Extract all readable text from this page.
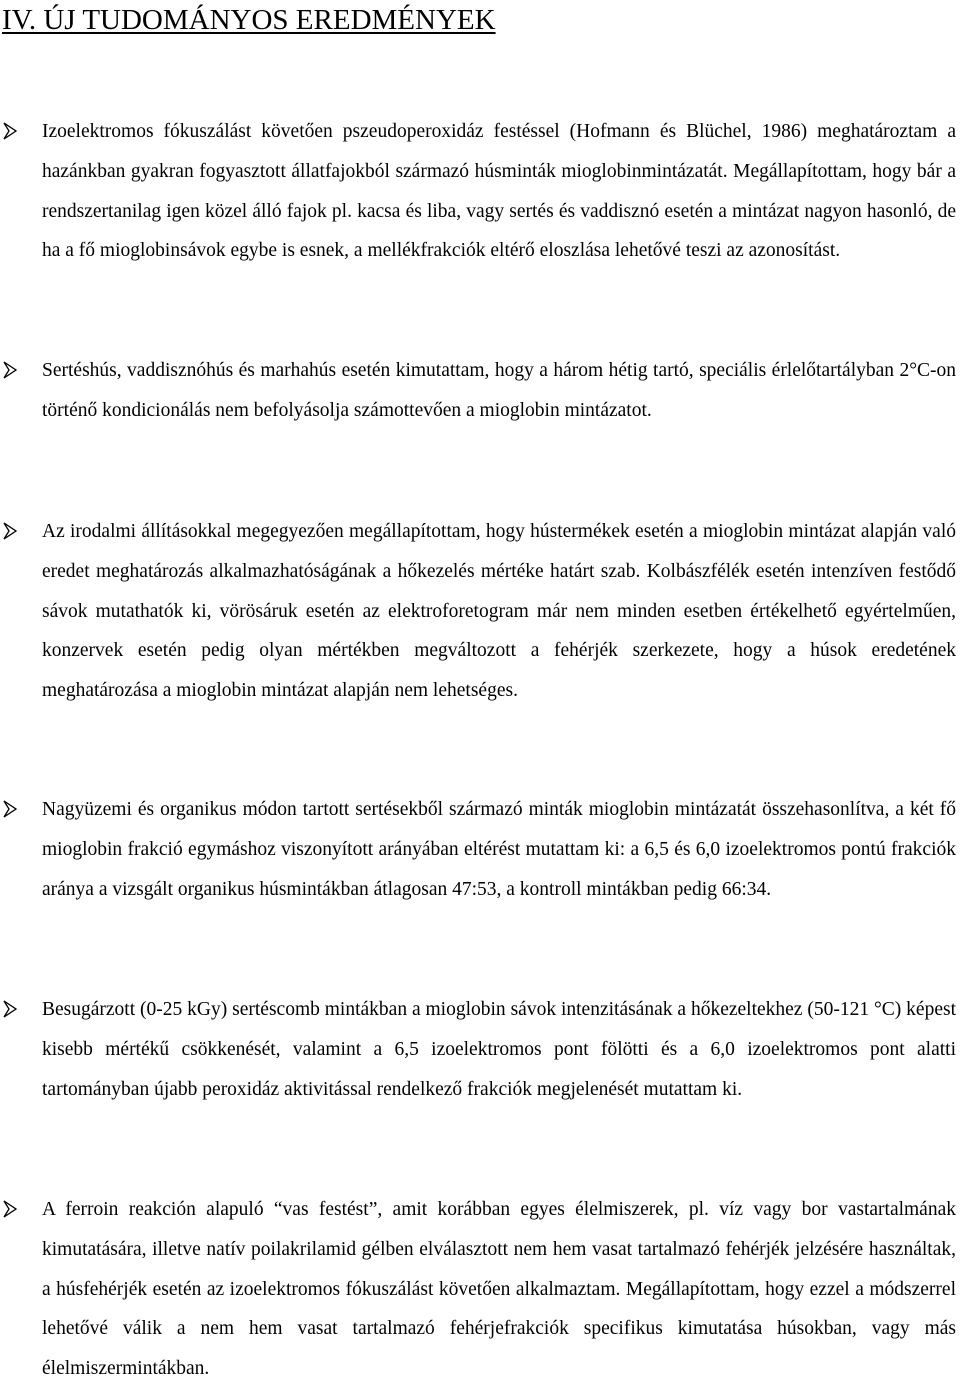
IV. ÚJ TUDOMÁNYOS EREDMÉNYEK

Izoelektromos fókuszálást követően pszeudoperoxidáz festéssel (Hofmann és Blüchel, 1986) meghatároztam a hazánkban gyakran fogyasztott állatfajokból származó húsminták mioglobinmintázatát. Megállapítottam, hogy bár a rendszertanilag igen közel álló fajok pl. kacsa és liba, vagy sertés és vaddisznó esetén a mintázat nagyon hasonló, de ha a fő mioglobinsávok egybe is esnek, a mellékfrakciók eltérő eloszlása lehetővé teszi az azonosítást.

Sertéshús, vaddisznóhús és marhahús esetén kimutattam, hogy a három hétig tartó, speciális érlelőtartályban 2°C-on történő kondicionálás nem befolyásolja számottevően a mioglobin mintázatot.

Az irodalmi állításokkal megegyezően megállapítottam, hogy hústermékek esetén a mioglobin mintázat alapján való eredet meghatározás alkalmazhatóságának a hőkezelés mértéke határt szab. Kolbászfélék esetén intenzíven festődő sávok mutathatók ki, vörösáruk esetén az elektroforetogram már nem minden esetben értékelhető egyértelműen, konzervek esetén pedig olyan mértékben megváltozott a fehérjék szerkezete, hogy a húsok eredetének meghatározása a mioglobin mintázat alapján nem lehetséges.

Nagyüzemi és organikus módon tartott sertésekből származó minták mioglobin mintázatát összehasonlítva, a két fő mioglobin frakció egymáshoz viszonyított arányában eltérést mutattam ki: a 6,5 és 6,0 izoelektromos pontú frakciók aránya a vizsgált organikus húsmintákban átlagosan 47:53, a kontroll mintákban pedig 66:34.

Besugárzott (0-25 kGy) sertéscomb mintákban a mioglobin sávok intenzitásának a hőkezeltekhez (50-121 °C) képest kisebb mértékű csökkenését, valamint a 6,5 izoelektromos pont fölötti és a 6,0 izoelektromos pont alatti tartományban újabb peroxidáz aktivitással rendelkező frakciók megjelenését mutattam ki.

A ferroin reakción alapuló “vas festést”, amit korábban egyes élelmiszerek, pl. víz vagy bor vastartalmának kimutatására, illetve natív poilakrilamid gélben elválasztott nem hem vasat tartalmazó fehérjék jelzésére használtak, a húsfehérjék esetén az izoelektromos fókuszálást követően alkalmaztam. Megállapítottam, hogy ezzel a módszerrel lehetővé válik a nem hem vasat tartalmazó fehérjefrakciók specifikus kimutatása húsokban, vagy más élelmiszermintákban.
